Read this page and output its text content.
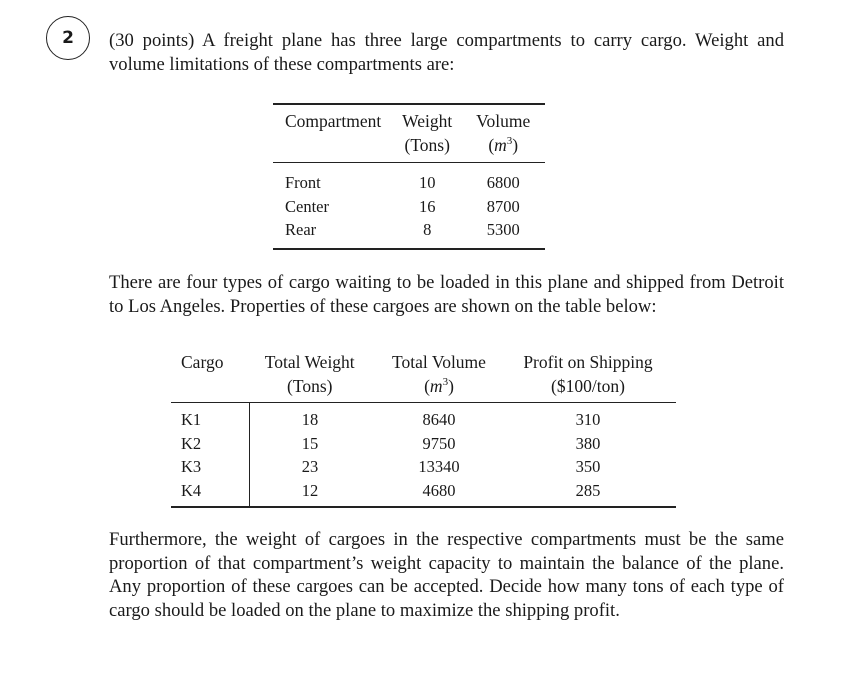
2	(30 points) A freight plane has three large compartments to carry cargo. Weight and volume limitations of these compartments are:
Compartment	Weight	Volume
	(Tons)	$(m^3)$
Front	10	6800
Center	16	8700
Rear	8	5300
There are four types of cargo waiting to be loaded in this plane and shipped from Detroit to Los Angeles. Properties of these cargoes are shown on the table below:
Cargo	Total Weight	Total Volume	Profit on Shipping
	(Tons)	$(m^3)$	($100/ton)
K1	18	8640	310
K2	15	9750	380
K3	23	13340	350
K4	12	4680	285
Furthermore, the weight of cargoes in the respective compartments must be the same proportion of that compartment’s weight capacity to maintain the balance of the plane. Any proportion of these cargoes can be accepted. Decide how many tons of each type of cargo should be loaded on the plane to maximize the shipping profit.
